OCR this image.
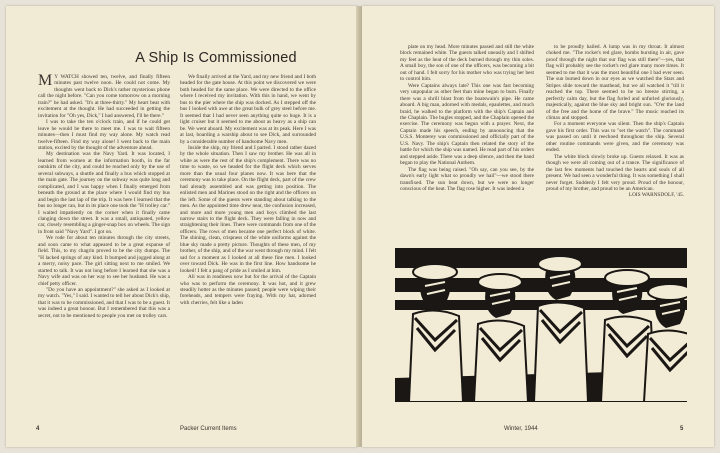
A Ship Is Commissioned

M Y WATCH showed ten, twelve, and finally fifteen minutes past twelve noon. He could not come. My thoughts went back to Dick's rather mysterious phone call the night before. "Can you come tomorrow on a morning train?" he had asked. "It's at three-thirty." My heart beat with excitement at the thought. He had succeeded in getting the invitation for "Oh yes, Dick," I had answered, I'll be there."

I was to take the ten o'clock train, and if he could get leave he would be there to meet me. I was to wait fifteen minutes—then I must find my way alone. My watch read twelve-fifteen. Find my way alone! I went back to the main station, excited by the thought of the adventure ahead.

My destination was the Navy Yard. It was located, I learned from women at the information booth, in the far outskirts of the city, and could be reached only by the use of several subways, a shuttle and finally a bus which stopped at the main gate. The journey on the subway was quite long and complicated, and I was happy when I finally emerged from beneath the ground at the place where I would find my bus and begin the last lap of the trip. It was here I learned that the bus no longer ran, but in its place one took the "H trolley car." I waited impatiently on the corner when it finally came clanging down the street. It was a small, antiquated, yellow car, closely resembling a ginger-snap box on wheels. The sign in front said "Navy Yard". I got on.

We rode for about ten minutes through the city streets, and soon came to what appeared to be a great expanse of field. This, to my chagrin proved to be the city dumps. The "H lacked springs of any kind. It bumped and jogged along at a merry, noisy pace. The girl sitting next to me smiled. We started to talk. It was not long before I learned that she was a Navy wife and was on her way to see her husband. He was a chief petty officer.

"Do you have an appointment?" she asked as I looked at my watch. "Yes," I said. I wanted to tell her about Dick's ship, that it was to be commissioned, and that I was to be a guest. It was indeed a great honour. But I remembered that this was a secret, not to be mentioned to people you met on trolley cars.

We finally arrived at the Yard, and my new friend and I both headed for the gate house. At this point we discovered we were both headed for the same place. We were directed to the office where I received my invitation. With this in hand, we went by bus to the pier where the ship was docked. As I stepped off the bus I looked with awe at the great bulk of grey steel before me. It seemed that I had never seen anything quite so huge. It is a light cruiser but it seemed to me about as heavy as a ship can be. We went aboard. My excitement was at its peak. Here I was at last, boarding a warship about to see Dick, and surrounded by a considerable number of handsome Navy men.

Inside the ship, my friend and I parted. I stood rather dazed by the whole situation. Then I saw my brother. He was all in white as were the rest of the ship's complement. There was no time to waste, so we headed for the flight deck which serves more than the usual four planes now. It was here that the ceremony was to take place. On the flight deck, part of the crew had already assembled and was getting into position. The enlisted men and Marines stood on the right and the officers on the left. Some of the guests were standing about talking to the men. As the appointed time drew near, the confusion increased, and more and more young men and boys climbed the last narrow stairs to the flight deck. They were falling in now and straightening their lines. There were commands from one of the officers. The rows of men became one perfect block of white. The shining, clean, crispness of the white uniforms against the blue sky made a pretty picture. Thoughts of these men, of my brother, of the ship, and of the war went through my mind. I felt sad for a moment as I looked at all these fine men. I looked over toward Dick. He was in the first line. How handsome he looked! I felt a pang of pride as I smiled at him.

All was in readiness now but for the arrival of the Captain who was to perform the ceremony. It was hot, and it grew steadily hotter as the minutes passed; people were wiping their foreheads, and tempers were fraying. With my hat, adorned with cherries, felt like a laden

4	Packer Current Items

plate on my head. More minutes passed and still the white block remained white. The guests talked uneasily and I shifted my feet as the heat of the deck burned through my thin soles. A small boy, the son of one of the officers, was becoming a bit out of hand. I felt sorry for his mother who was trying her best to control him.

Were Captains always late? This one was fast becoming very unpopular as other feet than mine began to burn. Finally there was a shrill blast from the boatswain's pipe. He came aboard. A big man, adorned with medals, epaulettes, and much braid, he walked to the platform with the ship's Captain and the Chaplain. The bugles stopped, and the Chaplain opened the exercise. The ceremony was begun with a prayer. Next, the Captain made his speech, ending by announcing that the U.S.S. Monterey was commissioned and officially part of the U.S. Navy. The ship's Captain then related the story of the battle for which the ship was named. He read part of his orders and stepped aside. There was a deep silence, and then the band began to play the National Anthem.

The flag was being raised. "Oh say, can you see, by the dawn's early light what so proudly we hail"—we stood there transfixed. The sun beat down, but we were no longer conscious of the heat. The flag rose higher. It was indeed a

to be proudly hailed. A lump was in my throat. It almost choked me. "The rocket's red glare, bombs bursting in air, gave proof through the night that our flag was still there"—yes, that flag will probably see the rocket's red glare many more times. It seemed to me that it was the most beautiful one I had ever seen. The sun burned down in our eyes as we watched the Stars and Stripes slide toward the masthead, but we all watched it "till it reached the top. There seemed to be no breeze stirring, a perfectly calm day, but the flag furled and unfurled gloriously, majestically, against the blue sky and bright sun. "O'er the land of the free and the home of the brave." The music reached its climax and stopped.

For a moment everyone was silent. Then the ship's Captain gave his first order. This was to "set the watch". The command was passed on until it reechoed throughout the ship. Several other routine commands were given, and the ceremony was ended.

The white block slowly broke up. Guests relaxed. It was as though we were all coming out of a trance. The significance of the last few moments had touched the hearts and souls of all present. We had seen a wonderful thing. It was something I shall never forget. Suddenly I felt very proud. Proud of the honour, proud of my brother, and proud to be an American.

LOIS WARNSDOLF, '45.

Winter, 1944	5
